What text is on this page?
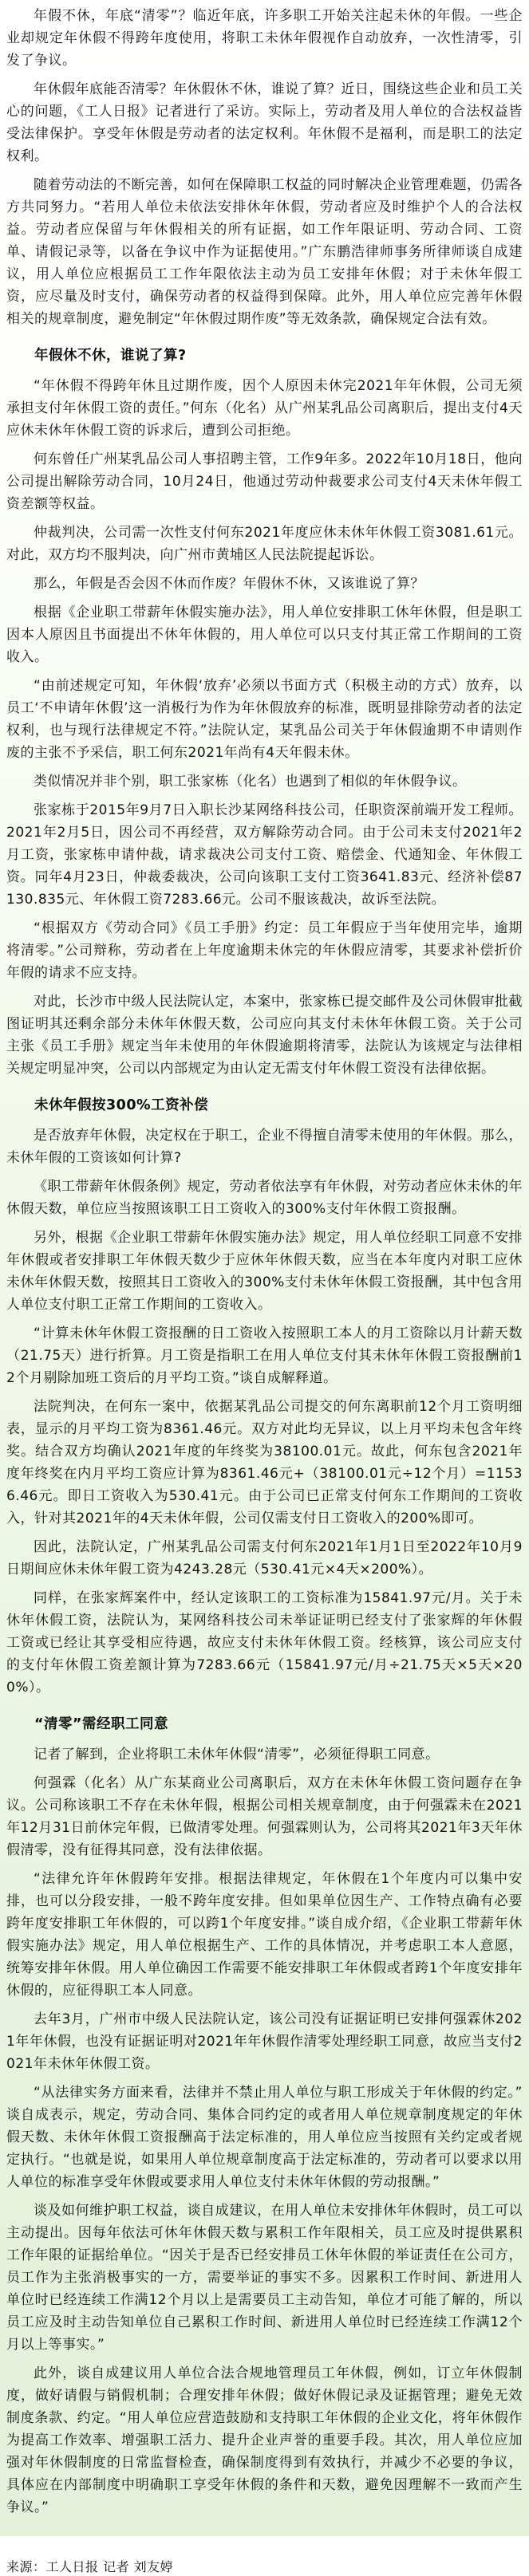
年假不休，年底“清零”？临近年底，许多职工开始关注起未休的年假。一些企业却规定年休假不得跨年度使用，将职工未休年假视作自动放弃，一次性清零，引发了争议。

年休假年底能否清零？年休假休不休，谁说了算？近日，围绕这些企业和员工关心的问题，《工人日报》记者进行了采访。实际上，劳动者及用人单位的合法权益皆受法律保护。享受年休假是劳动者的法定权利。年休假不是福利，而是职工的法定权利。

随着劳动法的不断完善，如何在保障职工权益的同时解决企业管理难题，仍需各方共同努力。“若用人单位未依法安排休年休假，劳动者应及时维护个人的合法权益。劳动者应保留与年休假相关的所有证据，如工作年限证明、劳动合同、工资单、请假记录等，以备在争议中作为证据使用。”广东鹏浩律师事务所律师谈自成建议，用人单位应根据员工工作年限依法主动为员工安排年休假；对于未休年假工资，应尽量及时支付，确保劳动者的权益得到保障。此外，用人单位应完善年休假相关的规章制度，避免制定“年休假过期作废”等无效条款，确保规定合法有效。

年假休不休，谁说了算?

“年休假不得跨年休且过期作废，因个人原因未休完2021年年休假，公司无须承担支付年休假工资的责任。”何东（化名）从广州某乳品公司离职后，提出支付4天应休未休年休假工资的诉求后，遭到公司拒绝。

何东曾任广州某乳品公司人事招聘主管，工作9年多。2022年10月18日，他向公司提出解除劳动合同，10月24日，他通过劳动仲裁要求公司支付4天未休年假工资差额等权益。

仲裁判决，公司需一次性支付何东2021年度应休未休年休假工资3081.61元。对此，双方均不服判决，向广州市黄埔区人民法院提起诉讼。

那么，年假是否会因不休而作废？年假休不休，又该谁说了算？

根据《企业职工带薪年休假实施办法》，用人单位安排职工休年休假，但是职工因本人原因且书面提出不休年休假的，用人单位可以只支付其正常工作期间的工资收入。

“由前述规定可知，年休假‘放弃’必须以书面方式（积极主动的方式）放弃，以员工‘不申请年休假’这一消极行为作为年休假放弃的标准，既明显排除劳动者的法定权利，也与现行法律规定不符。”法院认定，某乳品公司关于年休假逾期不申请则作废的主张不予采信，职工何东2021年尚有4天年假未休。

类似情况并非个别，职工张家栋（化名）也遇到了相似的年休假争议。

张家栋于2015年9月7日入职长沙某网络科技公司，任职资深前端开发工程师。2021年2月5日，因公司不再经营，双方解除劳动合同。由于公司未支付2021年2月工资，张家栋申请仲裁，请求裁决公司支付工资、赔偿金、代通知金、年休假工资。同年4月23日，仲裁委裁决，公司向该职工支付工资3641.83元、经济补偿87130.835元、年休假工资7283.66元。公司不服该裁决，故诉至法院。

“根据双方《劳动合同》《员工手册》约定：员工年假应于当年使用完毕，逾期将清零。”公司辩称，劳动者在上年度逾期未休完的年休假应清零，其要求补偿折价年假的请求不应支持。

对此，长沙市中级人民法院认定，本案中，张家栋已提交邮件及公司休假审批截图证明其还剩余部分未休年休假天数，公司应向其支付未休年休假工资。关于公司主张《员工手册》规定当年未使用的年休假逾期将清零，法院认为该规定与法律相关规定明显冲突，公司以内部规定为由认定无需支付年休假工资没有法律依据。

未休年假按300%工资补偿

是否放弃年休假，决定权在于职工，企业不得擅自清零未使用的年休假。那么，未休年假的工资该如何计算?

《职工带薪年休假条例》规定，劳动者依法享有年休假，对劳动者应休未休的年休假天数，单位应当按照该职工日工资收入的300%支付年休假工资报酬。

另外，根据《企业职工带薪年休假实施办法》规定，用人单位经职工同意不安排年休假或者安排职工年休假天数少于应休年休假天数，应当在本年度内对职工应休未休年休假天数，按照其日工资收入的300%支付未休年休假工资报酬，其中包含用人单位支付职工正常工作期间的工资收入。

“计算未休年休假工资报酬的日工资收入按照职工本人的月工资除以月计薪天数（21.75天）进行折算。月工资是指职工在用人单位支付其未休年休假工资报酬前12个月剔除加班工资后的月平均工资。”谈自成解释道。

法院判决，在何东一案中，依据某乳品公司提交的何东离职前12个月工资明细表，显示的月平均工资为8361.46元。双方对此均无异议，以上月平均未包含年终奖。结合双方均确认2021年度的年终奖为38100.01元。故此，何东包含2021年度年终奖在内月平均工资应计算为8361.46元+（38100.01元÷12个月）=11536.46元。即日工资收入为530.41元。由于公司已正常支付何东工作期间的工资收入，针对其2021年的4天未休年假，公司仅需支付日工资收入的200%即可。

因此，法院认定，广州某乳品公司需支付何东2021年1月1日至2022年10月9日期间应休未休年假工资为4243.28元（530.41元×4天×200%）。

同样，在张家辉案件中，经认定该职工的工资标准为15841.97元/月。关于未休年休假工资，法院认为，某网络科技公司未举证证明已经支付了张家辉的年休假工资或已经让其享受相应待遇，故应支付未休年休假工资。经核算，该公司应支付的支付年休假工资差额计算为7283.66元（15841.97元/月÷21.75天×5天×200%）。

“清零”需经职工同意

记者了解到，企业将职工未休年休假“清零”，必须征得职工同意。

何强霖（化名）从广东某商业公司离职后，双方在未休年休假工资问题存在争议。公司称该职工不存在未休年假，根据公司相关规章制度，由于何强霖未在2021年12月31日前休完年假，已做清零处理。何强霖则认为，公司将其2021年3天年休假清零，没有征得其同意，没有法律依据。

“法律允许年休假跨年安排。根据法律规定，年休假在1个年度内可以集中安排，也可以分段安排，一般不跨年度安排。但如果单位因生产、工作特点确有必要跨年度安排职工年休假的，可以跨1个年度安排。”谈自成介绍，《企业职工带薪年休假实施办法》规定，用人单位根据生产、工作的具体情况，并考虑职工本人意愿，统筹安排年休假。用人单位确因工作需要不能安排职工年休假或者跨1个年度安排年休假的，应征得职工本人同意。

去年3月，广州市中级人民法院认定，该公司没有证据证明已安排何强霖休2021年年休假，也没有证据证明对2021年年休假作清零处理经职工同意，故应当支付2021年未休年休假工资。

“从法律实务方面来看，法律并不禁止用人单位与职工形成关于年休假的约定。”谈自成表示，规定，劳动合同、集体合同约定的或者用人单位规章制度规定的年休假天数、未休年休假工资报酬高于法定标准的，用人单位应当按照有关约定或者规定执行。“也就是说，如果用人单位规章制度高于法定标准的，劳动者可以要求以用人单位的标准享受年休假或要求用人单位支付未休年休假的劳动报酬。”

谈及如何维护职工权益，谈自成建议，在用人单位未安排休年休假时，员工可以主动提出。因每年依法可休年休假天数与累积工作年限相关，员工应及时提供累积工作年限的证据给单位。“因关于是否已经安排员工休年休假的举证责任在公司方，员工作为主张消极事实的一方，需要举证的事实不多。因累积工作时间、新进用人单位时已经连续工作满12个月以上是需要员工主动告知，单位才可能了解的，所以员工应及时主动告知单位自己累积工作时间、新进用人单位时已经连续工作满12个月以上等事实。”

此外，谈自成建议用人单位合法合规地管理员工年休假，例如，订立年休假制度，做好请假与销假机制；合理安排年休假；做好休假记录及证据管理；避免无效制度条款、约定。“用人单位应营造鼓励和支持职工年休假的企业文化，将年休假作为提高工作效率、增强职工活力、提升企业声誉的重要手段。其次，用人单位应加强对年休假制度的日常监督检查，确保制度得到有效执行，并减少不必要的争议，具体应在内部制度中明确职工享受年休假的条件和天数，避免因理解不一致而产生争议。”

来源：工人日报 记者 刘友婷
